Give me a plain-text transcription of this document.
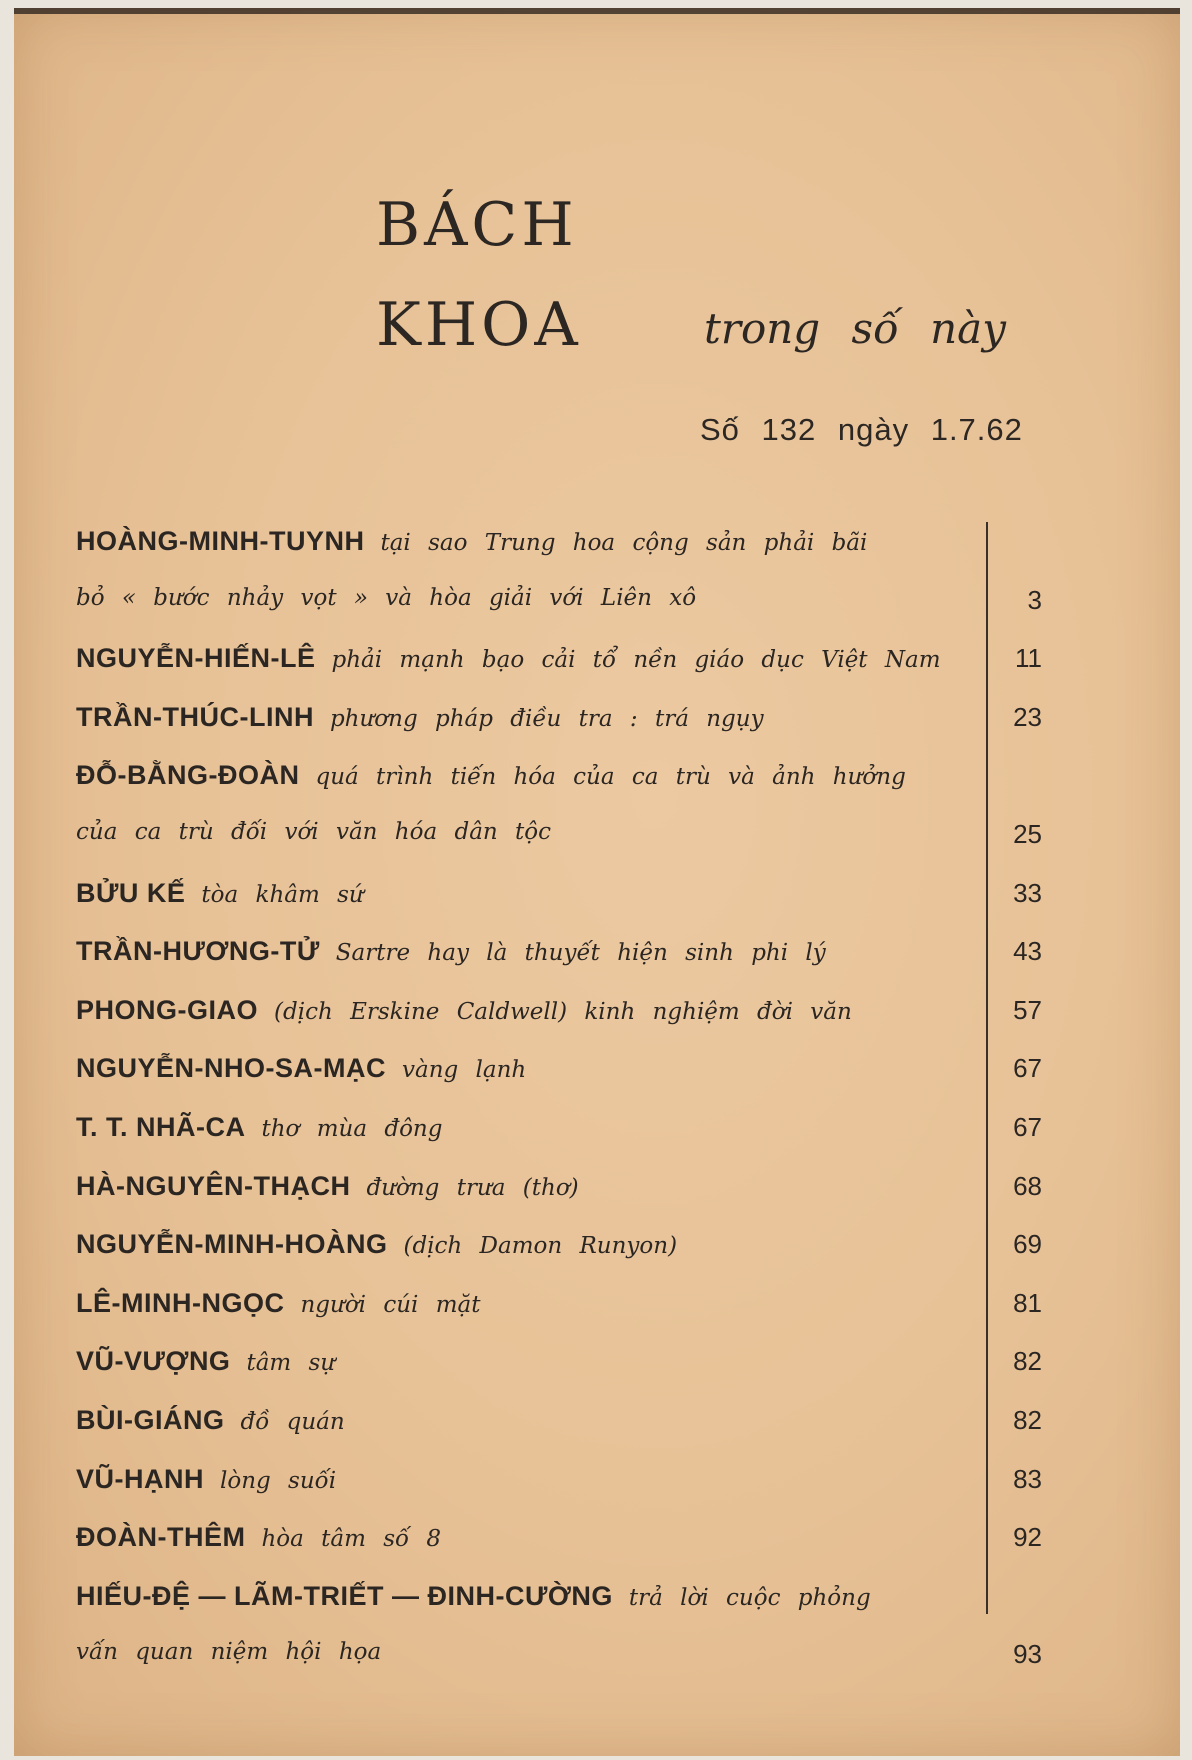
BÁCH
KHOA	trong số này
Số 132 ngày 1.7.62
HOÀNG-MINH-TUYNH tại sao Trung hoa cộng sản phải bãi
bỏ « bước nhảy vọt » và hòa giải với Liên xô	3
NGUYỄN-HIẾN-LÊ phải mạnh bạo cải tổ nền giáo dục Việt Nam	11
TRẦN-THÚC-LINH phương pháp điều tra : trá ngụy	23
ĐỖ-BẰNG-ĐOÀN quá trình tiến hóa của ca trù và ảnh hưởng
của ca trù đối với văn hóa dân tộc	25
BỬU KẾ tòa khâm sứ	33
TRẦN-HƯƠNG-TỬ Sartre hay là thuyết hiện sinh phi lý	43
PHONG-GIAO (dịch Erskine Caldwell) kinh nghiệm đời văn	57
NGUYỄN-NHO-SA-MẠC vàng lạnh	67
T. T. NHÃ-CA thơ mùa đông	67
HÀ-NGUYÊN-THẠCH đường trưa (thơ)	68
NGUYỄN-MINH-HOÀNG (dịch Damon Runyon)	69
LÊ-MINH-NGỌC người cúi mặt	81
VŨ-VƯỢNG tâm sự	82
BÙI-GIÁNG đồ quán	82
VŨ-HẠNH lòng suối	83
ĐOÀN-THÊM hòa tâm số 8	92
HIẾU-ĐỆ — LÃM-TRIẾT — ĐINH-CƯỜNG trả lời cuộc phỏng
vấn quan niệm hội họa	93
